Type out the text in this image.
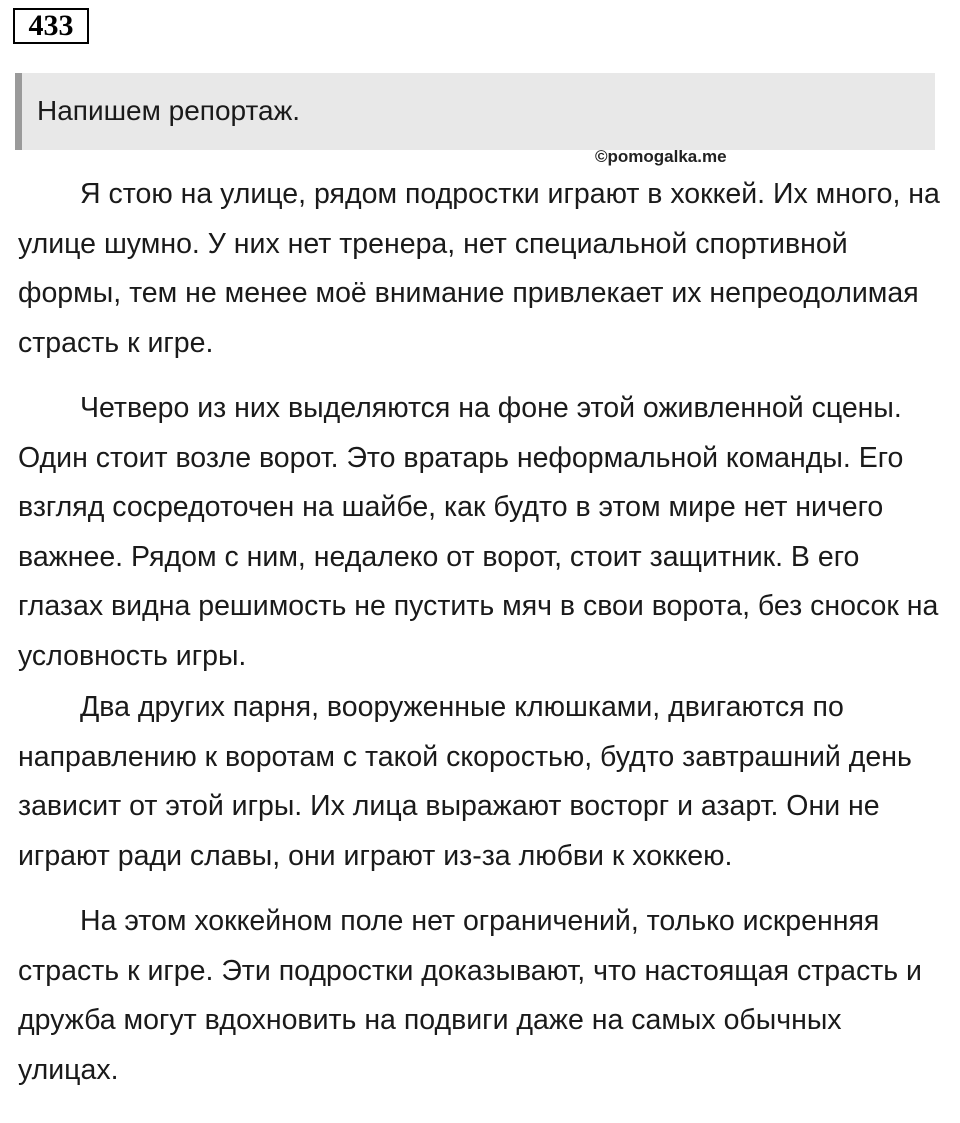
433
Напишем репортаж.
©pomogalka.me

Я стою на улице, рядом подростки играют в хоккей. Их много, на улице шумно. У них нет тренера, нет специальной спортивной формы, тем не менее моё внимание привлекает их непреодолимая страсть к игре.

Четверо из них выделяются на фоне этой оживленной сцены. Один стоит возле ворот. Это вратарь неформальной команды. Его взгляд сосредоточен на шайбе, как будто в этом мире нет ничего важнее. Рядом с ним, недалеко от ворот, стоит защитник. В его глазах видна решимость не пустить мяч в свои ворота, без сносок на условность игры.

Два других парня, вооруженные клюшками, двигаются по направлению к воротам с такой скоростью, будто завтрашний день зависит от этой игры. Их лица выражают восторг и азарт. Они не играют ради славы, они играют из-за любви к хоккею.

На этом хоккейном поле нет ограничений, только искренняя страсть к игре. Эти подростки доказывают, что настоящая страсть и дружба могут вдохновить на подвиги даже на самых обычных улицах.
